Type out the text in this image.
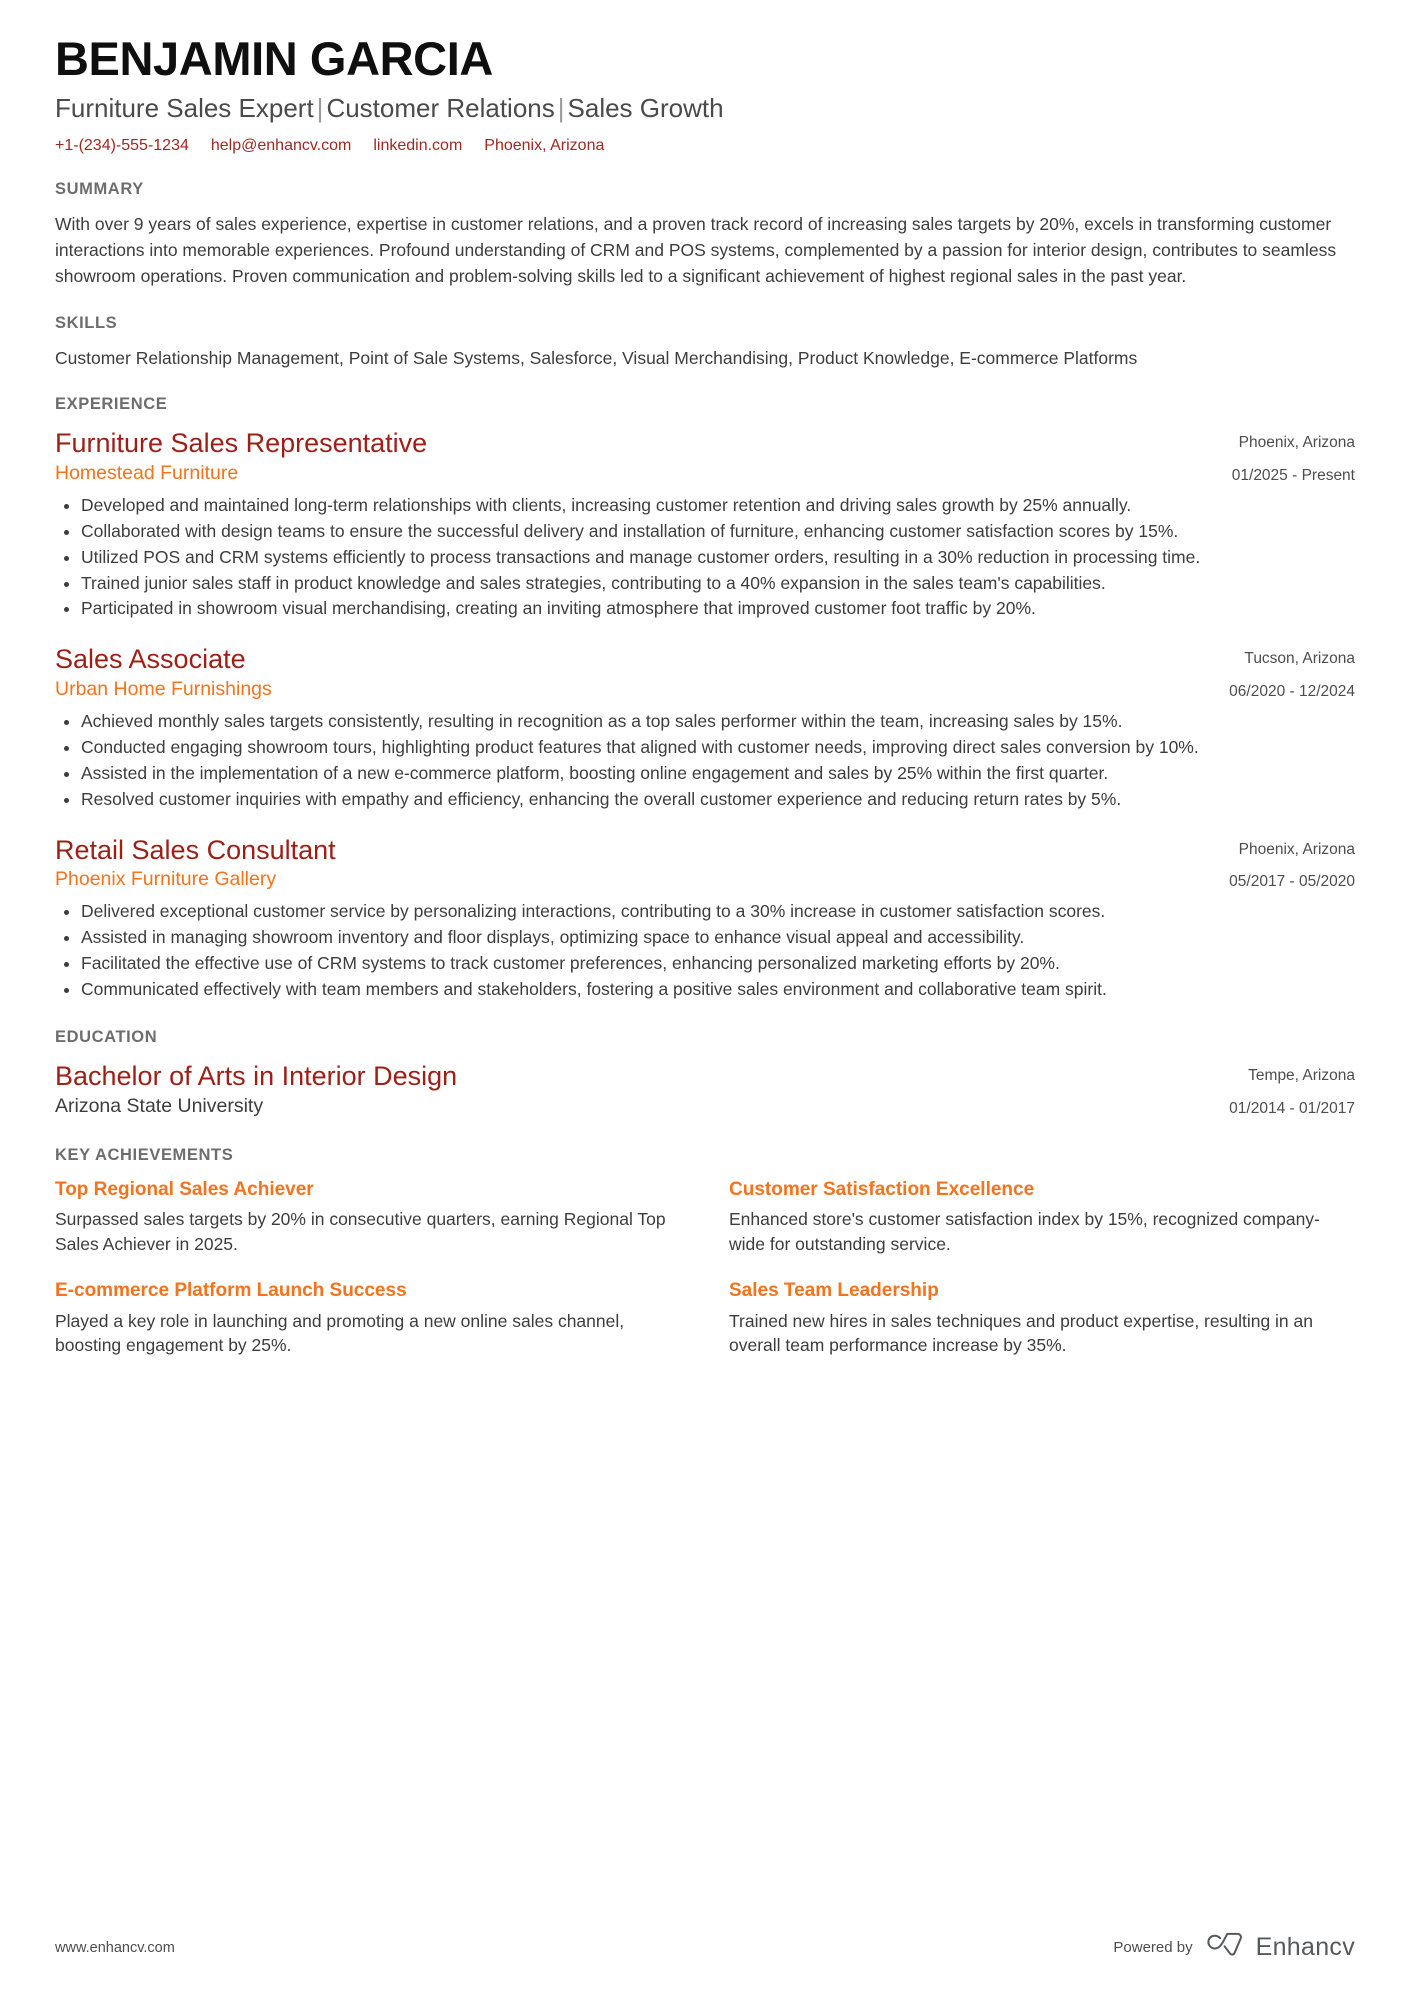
BENJAMIN GARCIA
Furniture Sales Expert | Customer Relations | Sales Growth
+1-(234)-555-1234 help@enhancv.com linkedin.com Phoenix, Arizona
SUMMARY
With over 9 years of sales experience, expertise in customer relations, and a proven track record of increasing sales targets by 20%, excels in transforming customer interactions into memorable experiences. Profound understanding of CRM and POS systems, complemented by a passion for interior design, contributes to seamless showroom operations. Proven communication and problem-solving skills led to a significant achievement of highest regional sales in the past year.
SKILLS
Customer Relationship Management, Point of Sale Systems, Salesforce, Visual Merchandising, Product Knowledge, E-commerce Platforms
EXPERIENCE
Furniture Sales Representative
Homestead Furniture
Phoenix, Arizona
01/2025 - Present
Developed and maintained long-term relationships with clients, increasing customer retention and driving sales growth by 25% annually.
Collaborated with design teams to ensure the successful delivery and installation of furniture, enhancing customer satisfaction scores by 15%.
Utilized POS and CRM systems efficiently to process transactions and manage customer orders, resulting in a 30% reduction in processing time.
Trained junior sales staff in product knowledge and sales strategies, contributing to a 40% expansion in the sales team's capabilities.
Participated in showroom visual merchandising, creating an inviting atmosphere that improved customer foot traffic by 20%.
Sales Associate
Urban Home Furnishings
Tucson, Arizona
06/2020 - 12/2024
Achieved monthly sales targets consistently, resulting in recognition as a top sales performer within the team, increasing sales by 15%.
Conducted engaging showroom tours, highlighting product features that aligned with customer needs, improving direct sales conversion by 10%.
Assisted in the implementation of a new e-commerce platform, boosting online engagement and sales by 25% within the first quarter.
Resolved customer inquiries with empathy and efficiency, enhancing the overall customer experience and reducing return rates by 5%.
Retail Sales Consultant
Phoenix Furniture Gallery
Phoenix, Arizona
05/2017 - 05/2020
Delivered exceptional customer service by personalizing interactions, contributing to a 30% increase in customer satisfaction scores.
Assisted in managing showroom inventory and floor displays, optimizing space to enhance visual appeal and accessibility.
Facilitated the effective use of CRM systems to track customer preferences, enhancing personalized marketing efforts by 20%.
Communicated effectively with team members and stakeholders, fostering a positive sales environment and collaborative team spirit.
EDUCATION
Bachelor of Arts in Interior Design
Arizona State University
Tempe, Arizona
01/2014 - 01/2017
KEY ACHIEVEMENTS
Top Regional Sales Achiever
Surpassed sales targets by 20% in consecutive quarters, earning Regional Top Sales Achiever in 2025.
Customer Satisfaction Excellence
Enhanced store's customer satisfaction index by 15%, recognized company-wide for outstanding service.
E-commerce Platform Launch Success
Played a key role in launching and promoting a new online sales channel, boosting engagement by 25%.
Sales Team Leadership
Trained new hires in sales techniques and product expertise, resulting in an overall team performance increase by 35%.
www.enhancv.com	Powered by	Enhancv
